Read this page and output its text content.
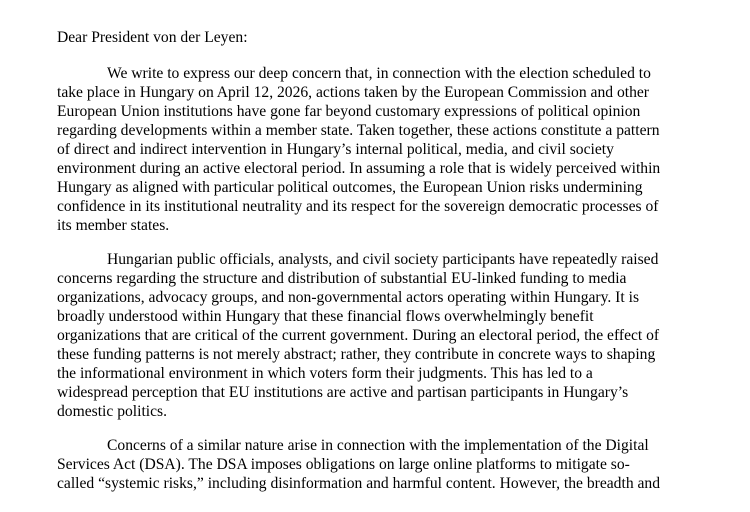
Dear President von der Leyen:
We write to express our deep concern that, in connection with the election scheduled to
take place in Hungary on April 12, 2026, actions taken by the European Commission and other
European Union institutions have gone far beyond customary expressions of political opinion
regarding developments within a member state. Taken together, these actions constitute a pattern
of direct and indirect intervention in Hungary’s internal political, media, and civil society
environment during an active electoral period. In assuming a role that is widely perceived within
Hungary as aligned with particular political outcomes, the European Union risks undermining
confidence in its institutional neutrality and its respect for the sovereign democratic processes of
its member states.
Hungarian public officials, analysts, and civil society participants have repeatedly raised
concerns regarding the structure and distribution of substantial EU-linked funding to media
organizations, advocacy groups, and non-governmental actors operating within Hungary. It is
broadly understood within Hungary that these financial flows overwhelmingly benefit
organizations that are critical of the current government. During an electoral period, the effect of
these funding patterns is not merely abstract; rather, they contribute in concrete ways to shaping
the informational environment in which voters form their judgments. This has led to a
widespread perception that EU institutions are active and partisan participants in Hungary’s
domestic politics.
Concerns of a similar nature arise in connection with the implementation of the Digital
Services Act (DSA). The DSA imposes obligations on large online platforms to mitigate so-
called “systemic risks,” including disinformation and harmful content. However, the breadth and
